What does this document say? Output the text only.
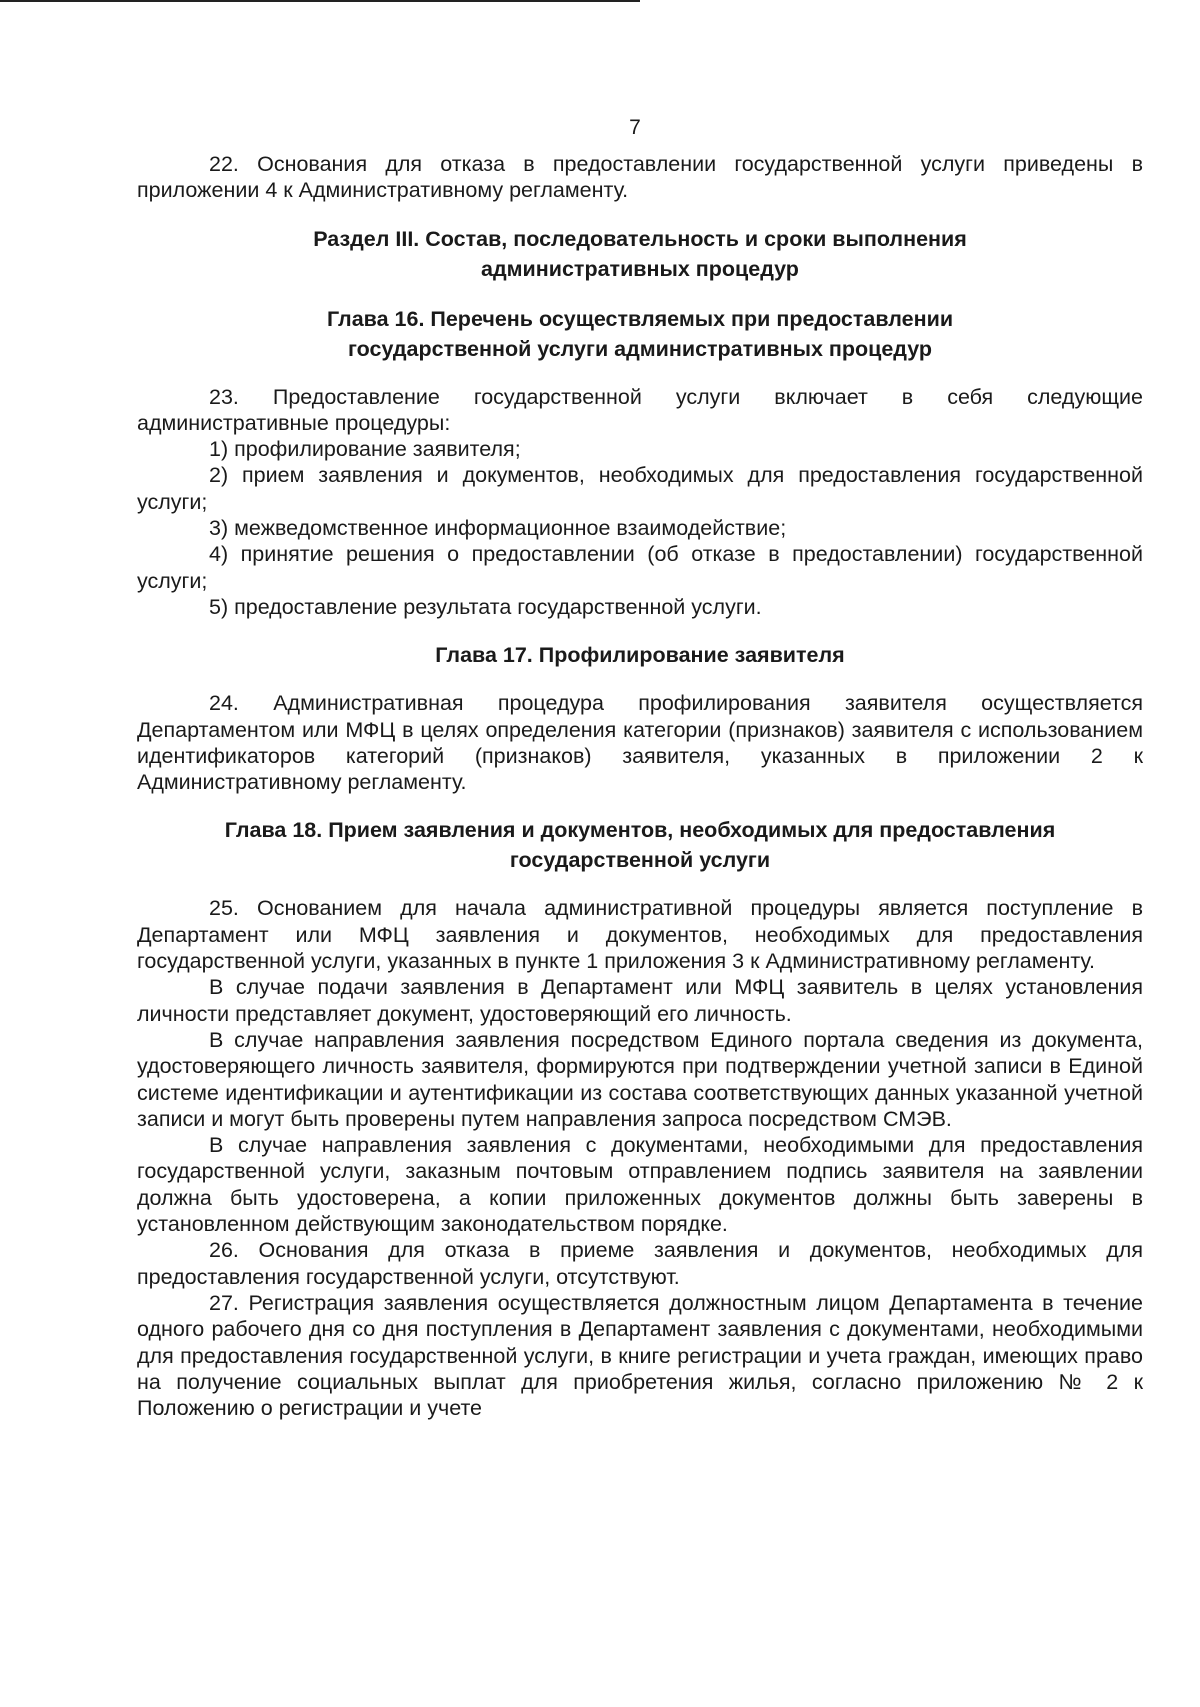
7

22. Основания для отказа в предоставлении государственной услуги приведены в приложении 4 к Административному регламенту.

Раздел III. Состав, последовательность и сроки выполнения
административных процедур
Глава 16. Перечень осуществляемых при предоставлении
государственной услуги административных процедур

23. Предоставление государственной услуги включает в себя следующие административные процедуры:

1) профилирование заявителя;

2) прием заявления и документов, необходимых для предоставления государственной услуги;

3) межведомственное информационное взаимодействие;

4) принятие решения о предоставлении (об отказе в предоставлении) государственной услуги;

5) предоставление результата государственной услуги.

Глава 17. Профилирование заявителя

24. Административная процедура профилирования заявителя осуществляется Департаментом или МФЦ в целях определения категории (признаков) заявителя с использованием идентификаторов категорий (признаков) заявителя, указанных в приложении 2 к Административному регламенту.

Глава 18. Прием заявления и документов, необходимых для предоставления
государственной услуги

25. Основанием для начала административной процедуры является поступление в Департамент или МФЦ заявления и документов, необходимых для предоставления государственной услуги, указанных в пункте 1 приложения 3 к Административному регламенту.

В случае подачи заявления в Департамент или МФЦ заявитель в целях установления личности представляет документ, удостоверяющий его личность.

В случае направления заявления посредством Единого портала сведения из документа, удостоверяющего личность заявителя, формируются при подтверждении учетной записи в Единой системе идентификации и аутентификации из состава соответствующих данных указанной учетной записи и могут быть проверены путем направления запроса посредством СМЭВ.

В случае направления заявления с документами, необходимыми для предоставления государственной услуги, заказным почтовым отправлением подпись заявителя на заявлении должна быть удостоверена, а копии приложенных документов должны быть заверены в установленном действующим законодательством порядке.

26. Основания для отказа в приеме заявления и документов, необходимых для предоставления государственной услуги, отсутствуют.

27. Регистрация заявления осуществляется должностным лицом Департамента в течение одного рабочего дня со дня поступления в Департамент заявления с документами, необходимыми для предоставления государственной услуги, в книге регистрации и учета граждан, имеющих право на получение социальных выплат для приобретения жилья, согласно приложению № 2 к Положению о регистрации и учете
